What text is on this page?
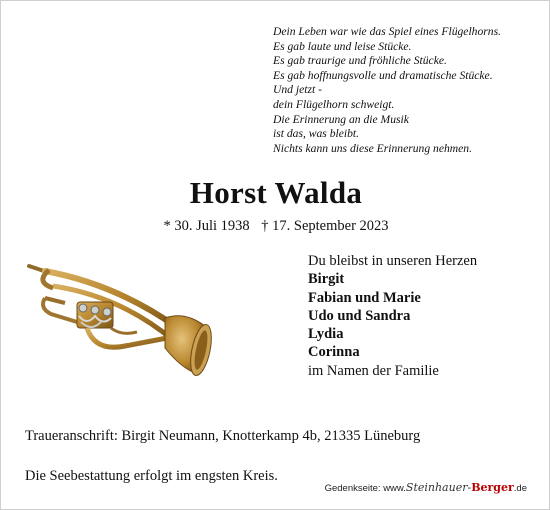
Dein Leben war wie das Spiel eines Flügelhorns.
Es gab laute und leise Stücke.
Es gab traurige und fröhliche Stücke.
Es gab hoffnungsvolle und dramatische Stücke.
Und jetzt -
dein Flügelhorn schweigt.
Die Erinnerung an die Musik
ist das, was bleibt.
Nichts kann uns diese Erinnerung nehmen.
Horst Walda
* 30. Juli 1938 † 17. September 2023
Du bleibst in unseren Herzen
Birgit
Fabian und Marie
Udo und Sandra
Lydia
Corinna
im Namen der Familie
Traueranschrift: Birgit Neumann, Knotterkamp 4b, 21335 Lüneburg
Die Seebestattung erfolgt im engsten Kreis.
Gedenkseite: www.Steinhauer-Berger.de
